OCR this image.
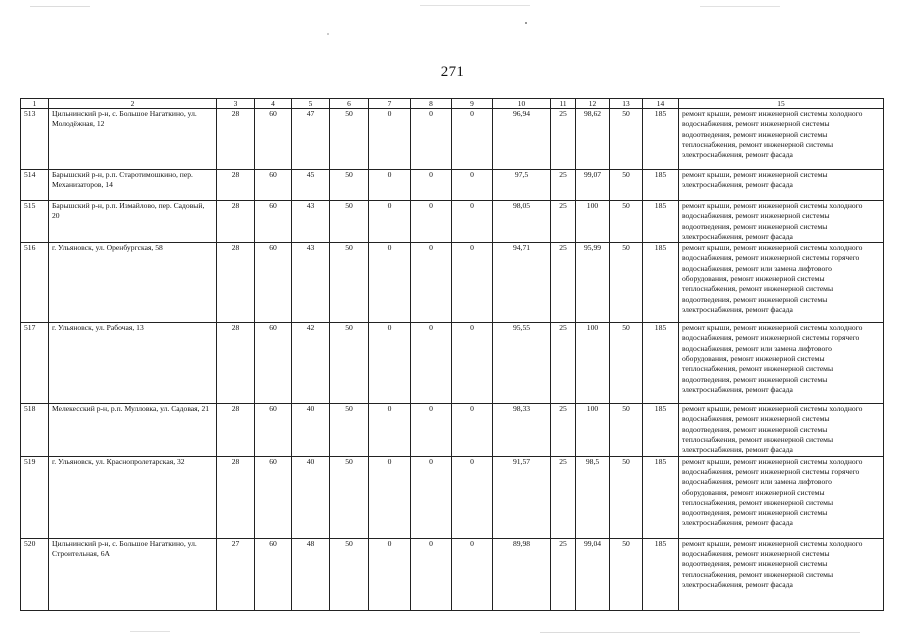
271
1	2	3	4	5	6	7	8	9	10	11	12	13	14	15
513	Цильнинский р-н, с. Большое Нагаткино, ул. Молодёжная, 12	28	60	47	50	0	0	0	96,94	25	98,62	50	185	ремонт крыши, ремонт инженерной системы холодного водоснабжения, ремонт инженерной системы водоотведения, ремонт инженерной системы теплоснабжения, ремонт инженерной системы электроснабжения, ремонт фасада
514	Барышский р-н, р.п. Старотимошкино, пер. Механизаторов, 14	28	60	45	50	0	0	0	97,5	25	99,07	50	185	ремонт крыши, ремонт инженерной системы электроснабжения, ремонт фасада
515	Барышский р-н, р.п. Измайлово, пер. Садовый, 20	28	60	43	50	0	0	0	98,05	25	100	50	185	ремонт крыши, ремонт инженерной системы холодного водоснабжения, ремонт инженерной системы водоотведения, ремонт инженерной системы электроснабжения, ремонт фасада
516	г. Ульяновск, ул. Оренбургская, 58	28	60	43	50	0	0	0	94,71	25	95,99	50	185	ремонт крыши, ремонт инженерной системы холодного водоснабжения, ремонт инженерной системы горячего водоснабжения, ремонт или замена лифтового оборудования, ремонт инженерной системы теплоснабжения, ремонт инженерной системы водоотведения, ремонт инженерной системы электроснабжения, ремонт фасада
517	г. Ульяновск, ул. Рабочая, 13	28	60	42	50	0	0	0	95,55	25	100	50	185	ремонт крыши, ремонт инженерной системы холодного водоснабжения, ремонт инженерной системы горячего водоснабжения, ремонт или замена лифтового оборудования, ремонт инженерной системы теплоснабжения, ремонт инженерной системы водоотведения, ремонт инженерной системы электроснабжения, ремонт фасада
518	Мелекесский р-н, р.п. Мулловка, ул. Садовая, 21	28	60	40	50	0	0	0	98,33	25	100	50	185	ремонт крыши, ремонт инженерной системы холодного водоснабжения, ремонт инженерной системы водоотведения, ремонт инженерной системы теплоснабжения, ремонт инженерной системы электроснабжения, ремонт фасада
519	г. Ульяновск, ул. Краснопролетарская, 32	28	60	40	50	0	0	0	91,57	25	98,5	50	185	ремонт крыши, ремонт инженерной системы холодного водоснабжения, ремонт инженерной системы горячего водоснабжения, ремонт или замена лифтового оборудования, ремонт инженерной системы теплоснабжения, ремонт инженерной системы водоотведения, ремонт инженерной системы электроснабжения, ремонт фасада
520	Цильнинский р-н, с. Большое Нагаткино, ул. Строительная, 6А	27	60	48	50	0	0	0	89,98	25	99,04	50	185	ремонт крыши, ремонт инженерной системы холодного водоснабжения, ремонт инженерной системы водоотведения, ремонт инженерной системы теплоснабжения, ремонт инженерной системы электроснабжения, ремонт фасада
